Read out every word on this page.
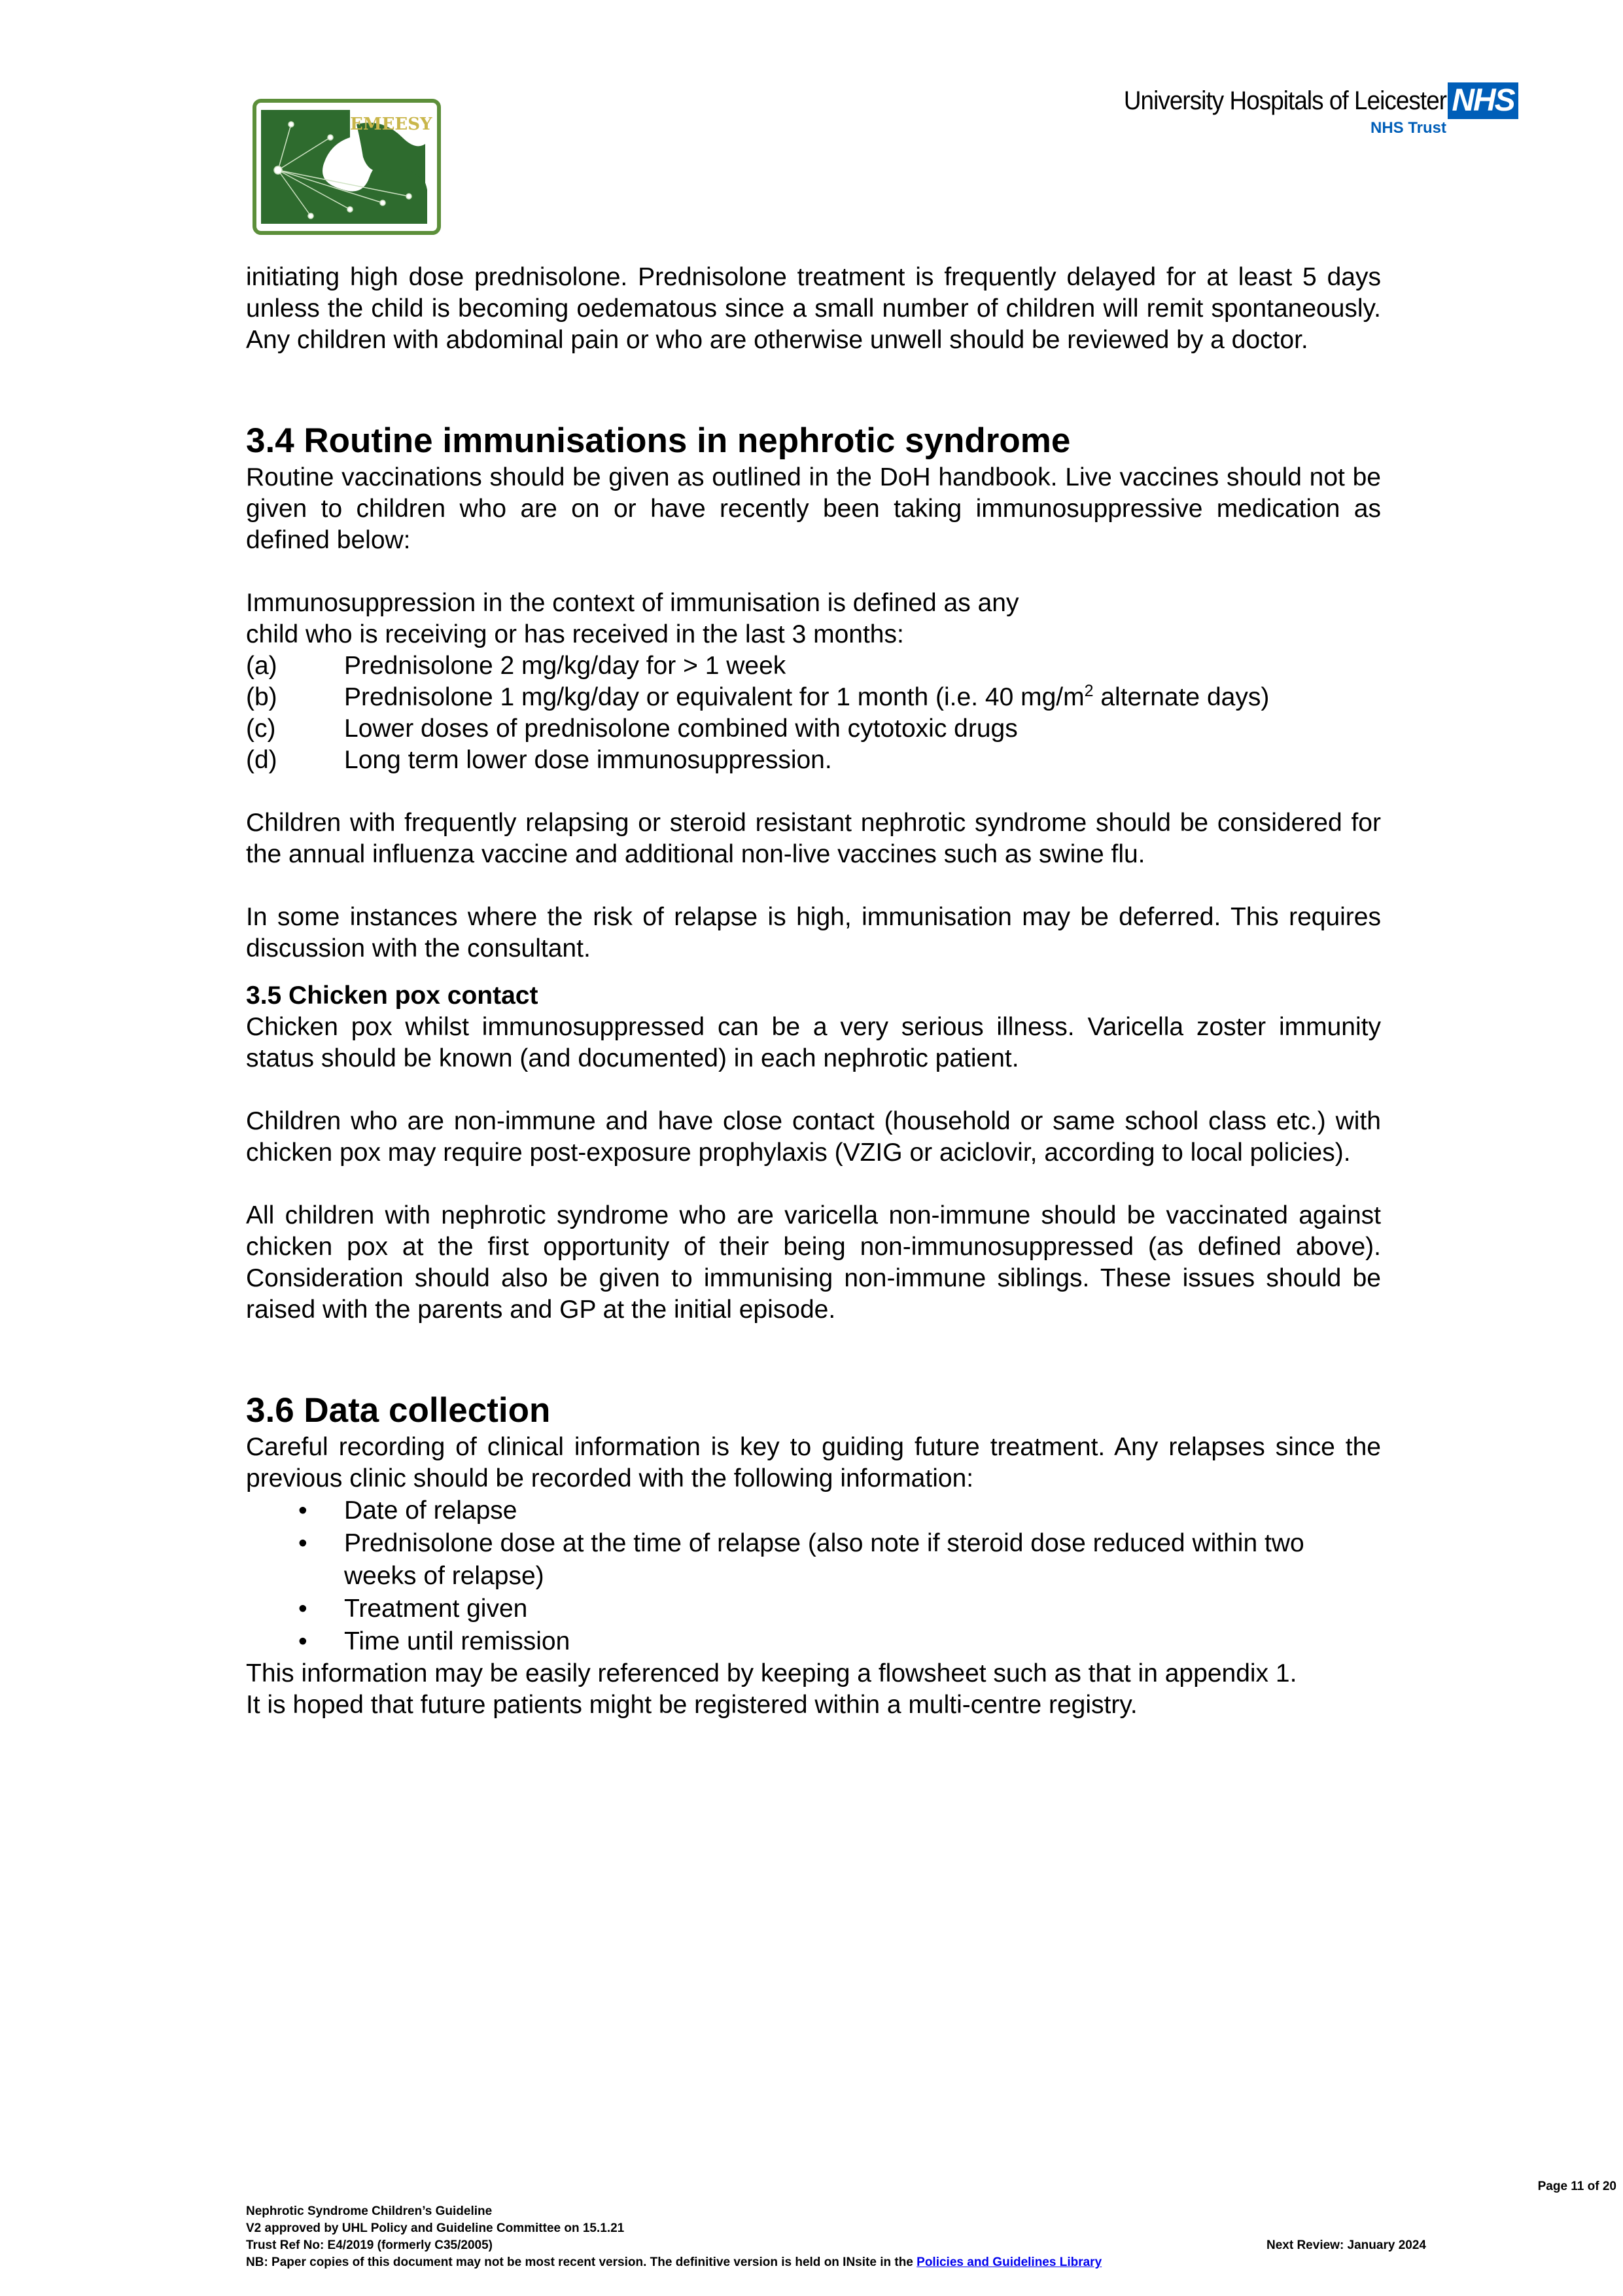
EMEESY
University Hospitals of Leicester NHS
NHS Trust

initiating high dose prednisolone. Prednisolone treatment is frequently delayed for at least 5 days unless the child is becoming oedematous since a small number of children will remit spontaneously. Any children with abdominal pain or who are otherwise unwell should be reviewed by a doctor.

3.4 Routine immunisations in nephrotic syndrome

Routine vaccinations should be given as outlined in the DoH handbook. Live vaccines should not be given to children who are on or have recently been taking immunosuppressive medication as defined below:

Immunosuppression in the context of immunisation is defined as any

child who is receiving or has received in the last 3 months:

(a)	Prednisolone 2 mg/kg/day for > 1 week
(b)	Prednisolone 1 mg/kg/day or equivalent for 1 month (i.e. 40 $mg/m^2$ alternate days)
(c)	Lower doses of prednisolone combined with cytotoxic drugs
(d)	Long term lower dose immunosuppression.

Children with frequently relapsing or steroid resistant nephrotic syndrome should be considered for the annual influenza vaccine and additional non-live vaccines such as swine flu.

In some instances where the risk of relapse is high, immunisation may be deferred. This requires discussion with the consultant.

3.5 Chicken pox contact

Chicken pox whilst immunosuppressed can be a very serious illness. Varicella zoster immunity status should be known (and documented) in each nephrotic patient.

Children who are non-immune and have close contact (household or same school class etc.) with chicken pox may require post-exposure prophylaxis (VZIG or aciclovir, according to local policies).

All children with nephrotic syndrome who are varicella non-immune should be vaccinated against chicken pox at the first opportunity of their being non-immunosuppressed (as defined above). Consideration should also be given to immunising non-immune siblings. These issues should be raised with the parents and GP at the initial episode.

3.6 Data collection

Careful recording of clinical information is key to guiding future treatment. Any relapses since the previous clinic should be recorded with the following information:

•	Date of relapse
•	Prednisolone dose at the time of relapse (also note if steroid dose reduced within two weeks of relapse)
•	Treatment given
•	Time until remission

This information may be easily referenced by keeping a flowsheet such as that in appendix 1.

It is hoped that future patients might be registered within a multi-centre registry.

Page 11 of 20
Nephrotic Syndrome Children’s Guideline
V2 approved by UHL Policy and Guideline Committee on 15.1.21
Trust Ref No: E4/2019 (formerly C35/2005)	Next Review: January 2024
NB: Paper copies of this document may not be most recent version. The definitive version is held on INsite in the Policies and Guidelines Library
